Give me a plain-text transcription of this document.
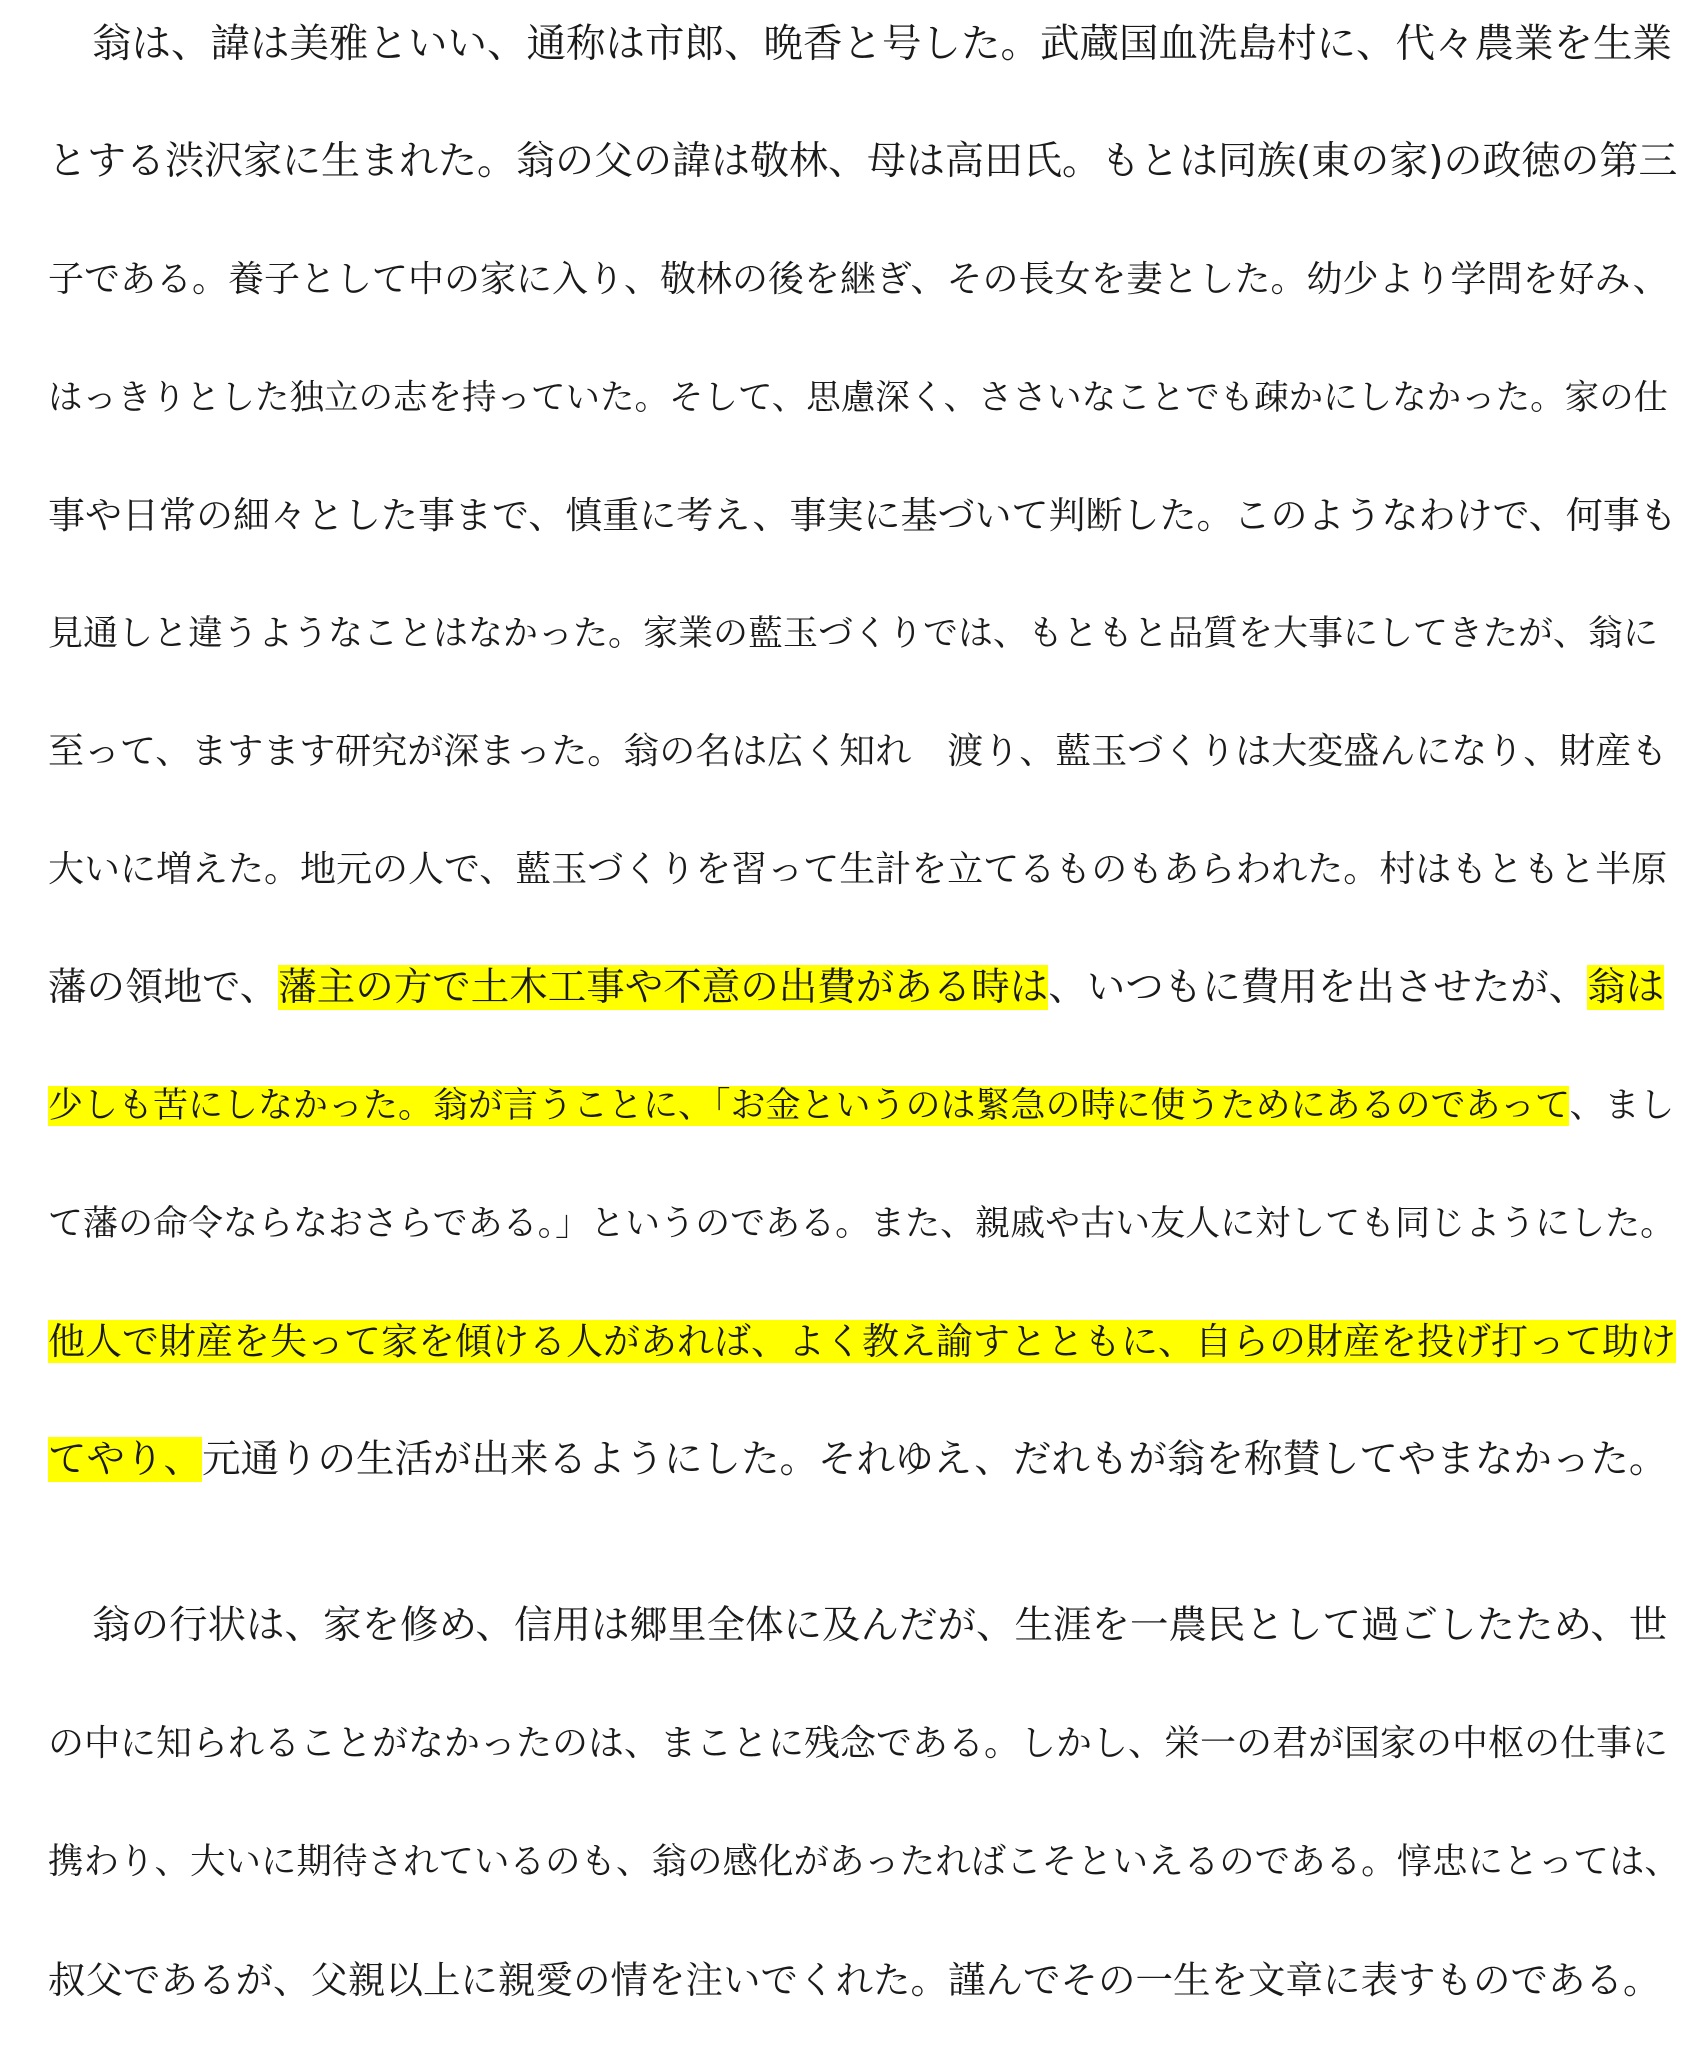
翁は、諱は美雅といい、通称は市郎、晩香と号した。武蔵国血洗島村に、代々農業を生業
とする渋沢家に生まれた。翁の父の諱は敬林、母は高田氏。もとは同族(東の家)の政徳の第三
子である。養子として中の家に入り、敬林の後を継ぎ、その長女を妻とした。幼少より学問を好み、
はっきりとした独立の志を持っていた。そして、思慮深く、ささいなことでも疎かにしなかった。家の仕
事や日常の細々とした事まで、慎重に考え、事実に基づいて判断した。このようなわけで、何事も
見通しと違うようなことはなかった。家業の藍玉づくりでは、もともと品質を大事にしてきたが、翁に
至って、ますます研究が深まった。翁の名は広く知れ　渡り、藍玉づくりは大変盛んになり、財産も
大いに増えた。地元の人で、藍玉づくりを習って生計を立てるものもあらわれた。村はもともと半原
藩の領地で、藩主の方で土木工事や不意の出費がある時は、いつもに費用を出させたが、翁は
少しも苦にしなかった。翁が言うことに、「お金というのは緊急の時に使うためにあるのであって、まし
て藩の命令ならなおさらである。」というのである。また、親戚や古い友人に対しても同じようにした。
他人で財産を失って家を傾ける人があれば、よく教え諭すとともに、自らの財産を投げ打って助け
てやり、元通りの生活が出来るようにした。それゆえ、だれもが翁を称賛してやまなかった。
翁の行状は、家を修め、信用は郷里全体に及んだが、生涯を一農民として過ごしたため、世
の中に知られることがなかったのは、まことに残念である。しかし、栄一の君が国家の中枢の仕事に
携わり、大いに期待されているのも、翁の感化があったればこそといえるのである。惇忠にとっては、
叔父であるが、父親以上に親愛の情を注いでくれた。謹んでその一生を文章に表すものである。
